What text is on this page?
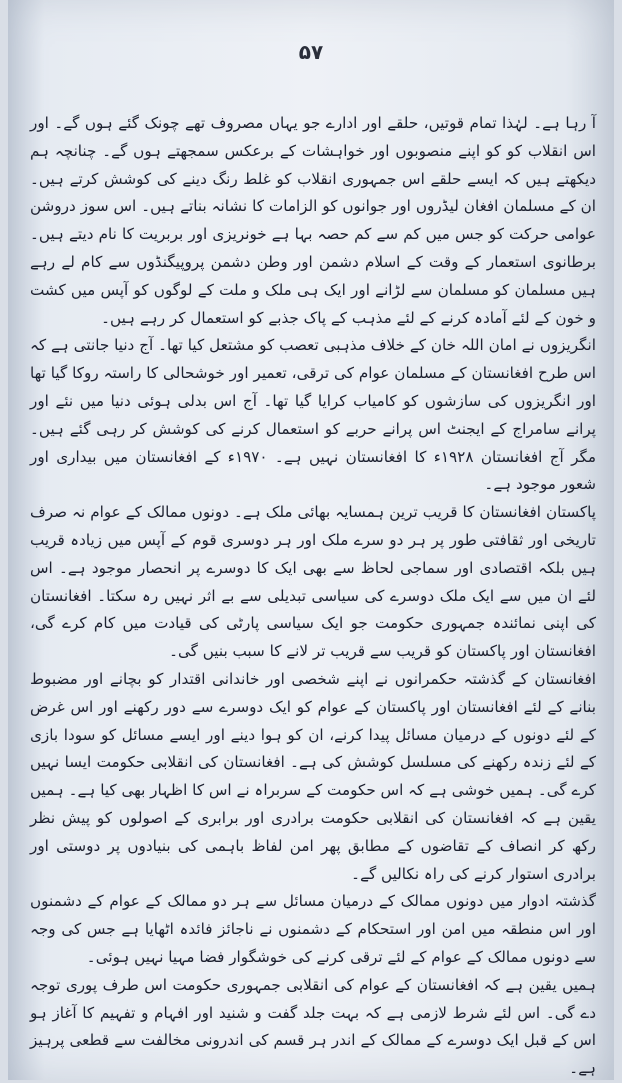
۵۷

آ رہا ہے۔ لہٰذا تمام قوتیں، حلقے اور ادارے جو یہاں مصروف تھے چونک گئے ہوں گے۔ اور اس انقلاب کو کو اپنے منصوبوں اور خواہشات کے برعکس سمجھتے ہوں گے۔ چنانچہ ہم دیکھتے ہیں کہ ایسے حلقے اس جمہوری انقلاب کو غلط رنگ دینے کی کوشش کرتے ہیں۔ ان کے مسلمان افغان لیڈروں اور جوانوں کو الزامات کا نشانہ بناتے ہیں۔ اس سوز دروشن عوامی حرکت کو جس میں کم سے کم حصہ بہا ہے خونریزی اور بربریت کا نام دیتے ہیں۔ برطانوی استعمار کے وقت کے اسلام دشمن اور وطن دشمن پروپیگنڈوں سے کام لے رہے ہیں مسلمان کو مسلمان سے لڑانے اور ایک ہی ملک و ملت کے لوگوں کو آپس میں کشت و خون کے لئے آمادہ کرنے کے لئے مذہب کے پاک جذبے کو استعمال کر رہے ہیں۔

انگریزوں نے امان اللہ خان کے خلاف مذہبی تعصب کو مشتعل کیا تھا۔ آج دنیا جانتی ہے کہ اس طرح افغانستان کے مسلمان عوام کی ترقی، تعمیر اور خوشحالی کا راستہ روکا گیا تھا اور انگریزوں کی سازشوں کو کامیاب کرایا گیا تھا۔ آج اس بدلی ہوئی دنیا میں نئے اور پرانے سامراج کے ایجنٹ اس پرانے حربے کو استعمال کرنے کی کوشش کر رہی گئے ہیں۔ مگر آج افغانستان ۱۹۲۸ء کا افغانستان نہیں ہے۔ ۱۹۷۰ء کے افغانستان میں بیداری اور شعور موجود ہے۔

پاکستان افغانستان کا قریب ترین ہمسایہ بھائی ملک ہے۔ دونوں ممالک کے عوام نہ صرف تاریخی اور ثقافتی طور پر ہر دو سرے ملک اور ہر دوسری قوم کے آپس میں زیادہ قریب ہیں بلکہ اقتصادی اور سماجی لحاظ سے بھی ایک کا دوسرے پر انحصار موجود ہے۔ اس لئے ان میں سے ایک ملک دوسرے کی سیاسی تبدیلی سے بے اثر نہیں رہ سکتا۔ افغانستان کی اپنی نمائندہ جمہوری حکومت جو ایک سیاسی پارٹی کی قیادت میں کام کرے گی، افغانستان اور پاکستان کو قریب سے قریب تر لانے کا سبب بنیں گی۔

افغانستان کے گذشتہ حکمرانوں نے اپنے شخصی اور خاندانی اقتدار کو بچانے اور مضبوط بنانے کے لئے افغانستان اور پاکستان کے عوام کو ایک دوسرے سے دور رکھنے اور اس غرض کے لئے دونوں کے درمیان مسائل پیدا کرنے، ان کو ہوا دینے اور ایسے مسائل کو سودا بازی کے لئے زندہ رکھنے کی مسلسل کوشش کی ہے۔ افغانستان کی انقلابی حکومت ایسا نہیں کرے گی۔ ہمیں خوشی ہے کہ اس حکومت کے سربراہ نے اس کا اظہار بھی کیا ہے۔ ہمیں یقین ہے کہ افغانستان کی انقلابی حکومت برادری اور برابری کے اصولوں کو پیش نظر رکھ کر انصاف کے تقاضوں کے مطابق پھر امن لفاظ باہمی کی بنیادوں پر دوستی اور برادری استوار کرنے کی راہ نکالیں گے۔

گذشتہ ادوار میں دونوں ممالک کے درمیان مسائل سے ہر دو ممالک کے عوام کے دشمنوں اور اس منطقہ میں امن اور استحکام کے دشمنوں نے ناجائز فائدہ اٹھایا ہے جس کی وجہ سے دونوں ممالک کے عوام کے لئے ترقی کرنے کی خوشگوار فضا مہیا نہیں ہوئی۔

ہمیں یقین ہے کہ افغانستان کے عوام کی انقلابی جمہوری حکومت اس طرف پوری توجہ دے گی۔ اس لئے شرط لازمی ہے کہ بہت جلد گفت و شنید اور افہام و تفہیم کا آغاز ہو اس کے قبل ایک دوسرے کے ممالک کے اندر ہر قسم کی اندرونی مخالفت سے قطعی پرہیز ہے۔
